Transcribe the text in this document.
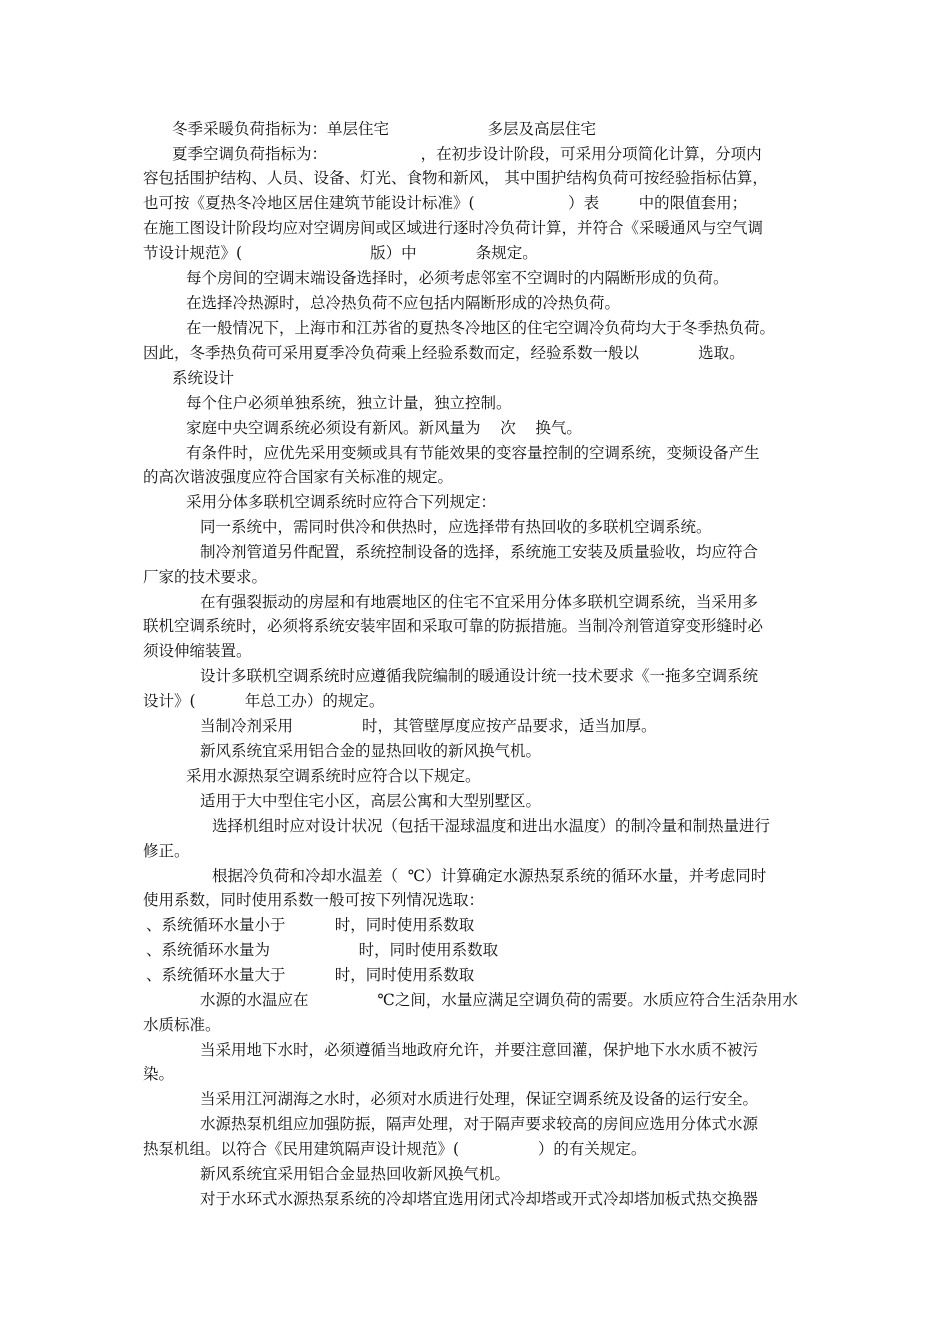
冬季采暖负荷指标为：单层住宅                    多层及高层住宅
夏季空调负荷指标为：                   ，在初步设计阶段，可采用分项简化计算，分项内
容包括围护结构、人员、设备、灯光、食物和新风， 其中围护结构负荷可按经验指标估算，
也可按《夏热冬冷地区居住建筑节能设计标准》(                   ）表        中的限值套用；
在施工图设计阶段均应对空调房间或区域进行逐时冷负荷计算，并符合《采暖通风与空气调
节设计规范》(                          版）中            条规定。
每个房间的空调末端设备选择时，必须考虑邻室不空调时的内隔断形成的负荷。
在选择冷热源时，总冷热负荷不应包括内隔断形成的冷热负荷。
在一般情况下，上海市和江苏省的夏热冬冷地区的住宅空调冷负荷均大于冬季热负荷。
因此，冬季热负荷可采用夏季冷负荷乘上经验系数而定，经验系数一般以            选取。
系统设计
每个住户必须单独系统，独立计量，独立控制。
家庭中央空调系统必须设有新风。新风量为    次    换气。
有条件时，应优先采用变频或具有节能效果的变容量控制的空调系统，变频设备产生
的高次谐波强度应符合国家有关标准的规定。
采用分体多联机空调系统时应符合下列规定：
同一系统中，需同时供冷和供热时，应选择带有热回收的多联机空调系统。
制冷剂管道另件配置，系统控制设备的选择，系统施工安装及质量验收，均应符合
厂家的技术要求。
在有强裂振动的房屋和有地震地区的住宅不宜采用分体多联机空调系统，当采用多
联机空调系统时，必须将系统安装牢固和采取可靠的防振措施。当制冷剂管道穿变形缝时必
须设伸缩装置。
设计多联机空调系统时应遵循我院编制的暖通设计统一技术要求《一拖多空调系统
设计》(          年总工办）的规定。
当制冷剂采用              时，其管壁厚度应按产品要求，适当加厚。
新风系统宜采用铝合金的显热回收的新风换气机。
采用水源热泵空调系统时应符合以下规定。
适用于大中型住宅小区，高层公寓和大型别墅区。
选择机组时应对设计状况（包括干湿球温度和进出水温度）的制冷量和制热量进行
修正。
根据冷负荷和冷却水温差（  ℃）计算确定水源热泵系统的循环水量，并考虑同时
使用系数，同时使用系数一般可按下列情况选取：
、系统循环水量小于          时，同时使用系数取
、系统循环水量为                  时，同时使用系数取
、系统循环水量大于          时，同时使用系数取
水源的水温应在              ℃之间，水量应满足空调负荷的需要。水质应符合生活杂用水
水质标准。
当采用地下水时，必须遵循当地政府允许，并要注意回灌，保护地下水水质不被污
染。
当采用江河湖海之水时，必须对水质进行处理，保证空调系统及设备的运行安全。
水源热泵机组应加强防振，隔声处理，对于隔声要求较高的房间应选用分体式水源
热泵机组。以符合《民用建筑隔声设计规范》(                ）的有关规定。
新风系统宜采用铝合金显热回收新风换气机。
对于水环式水源热泵系统的冷却塔宜选用闭式冷却塔或开式冷却塔加板式热交换器
